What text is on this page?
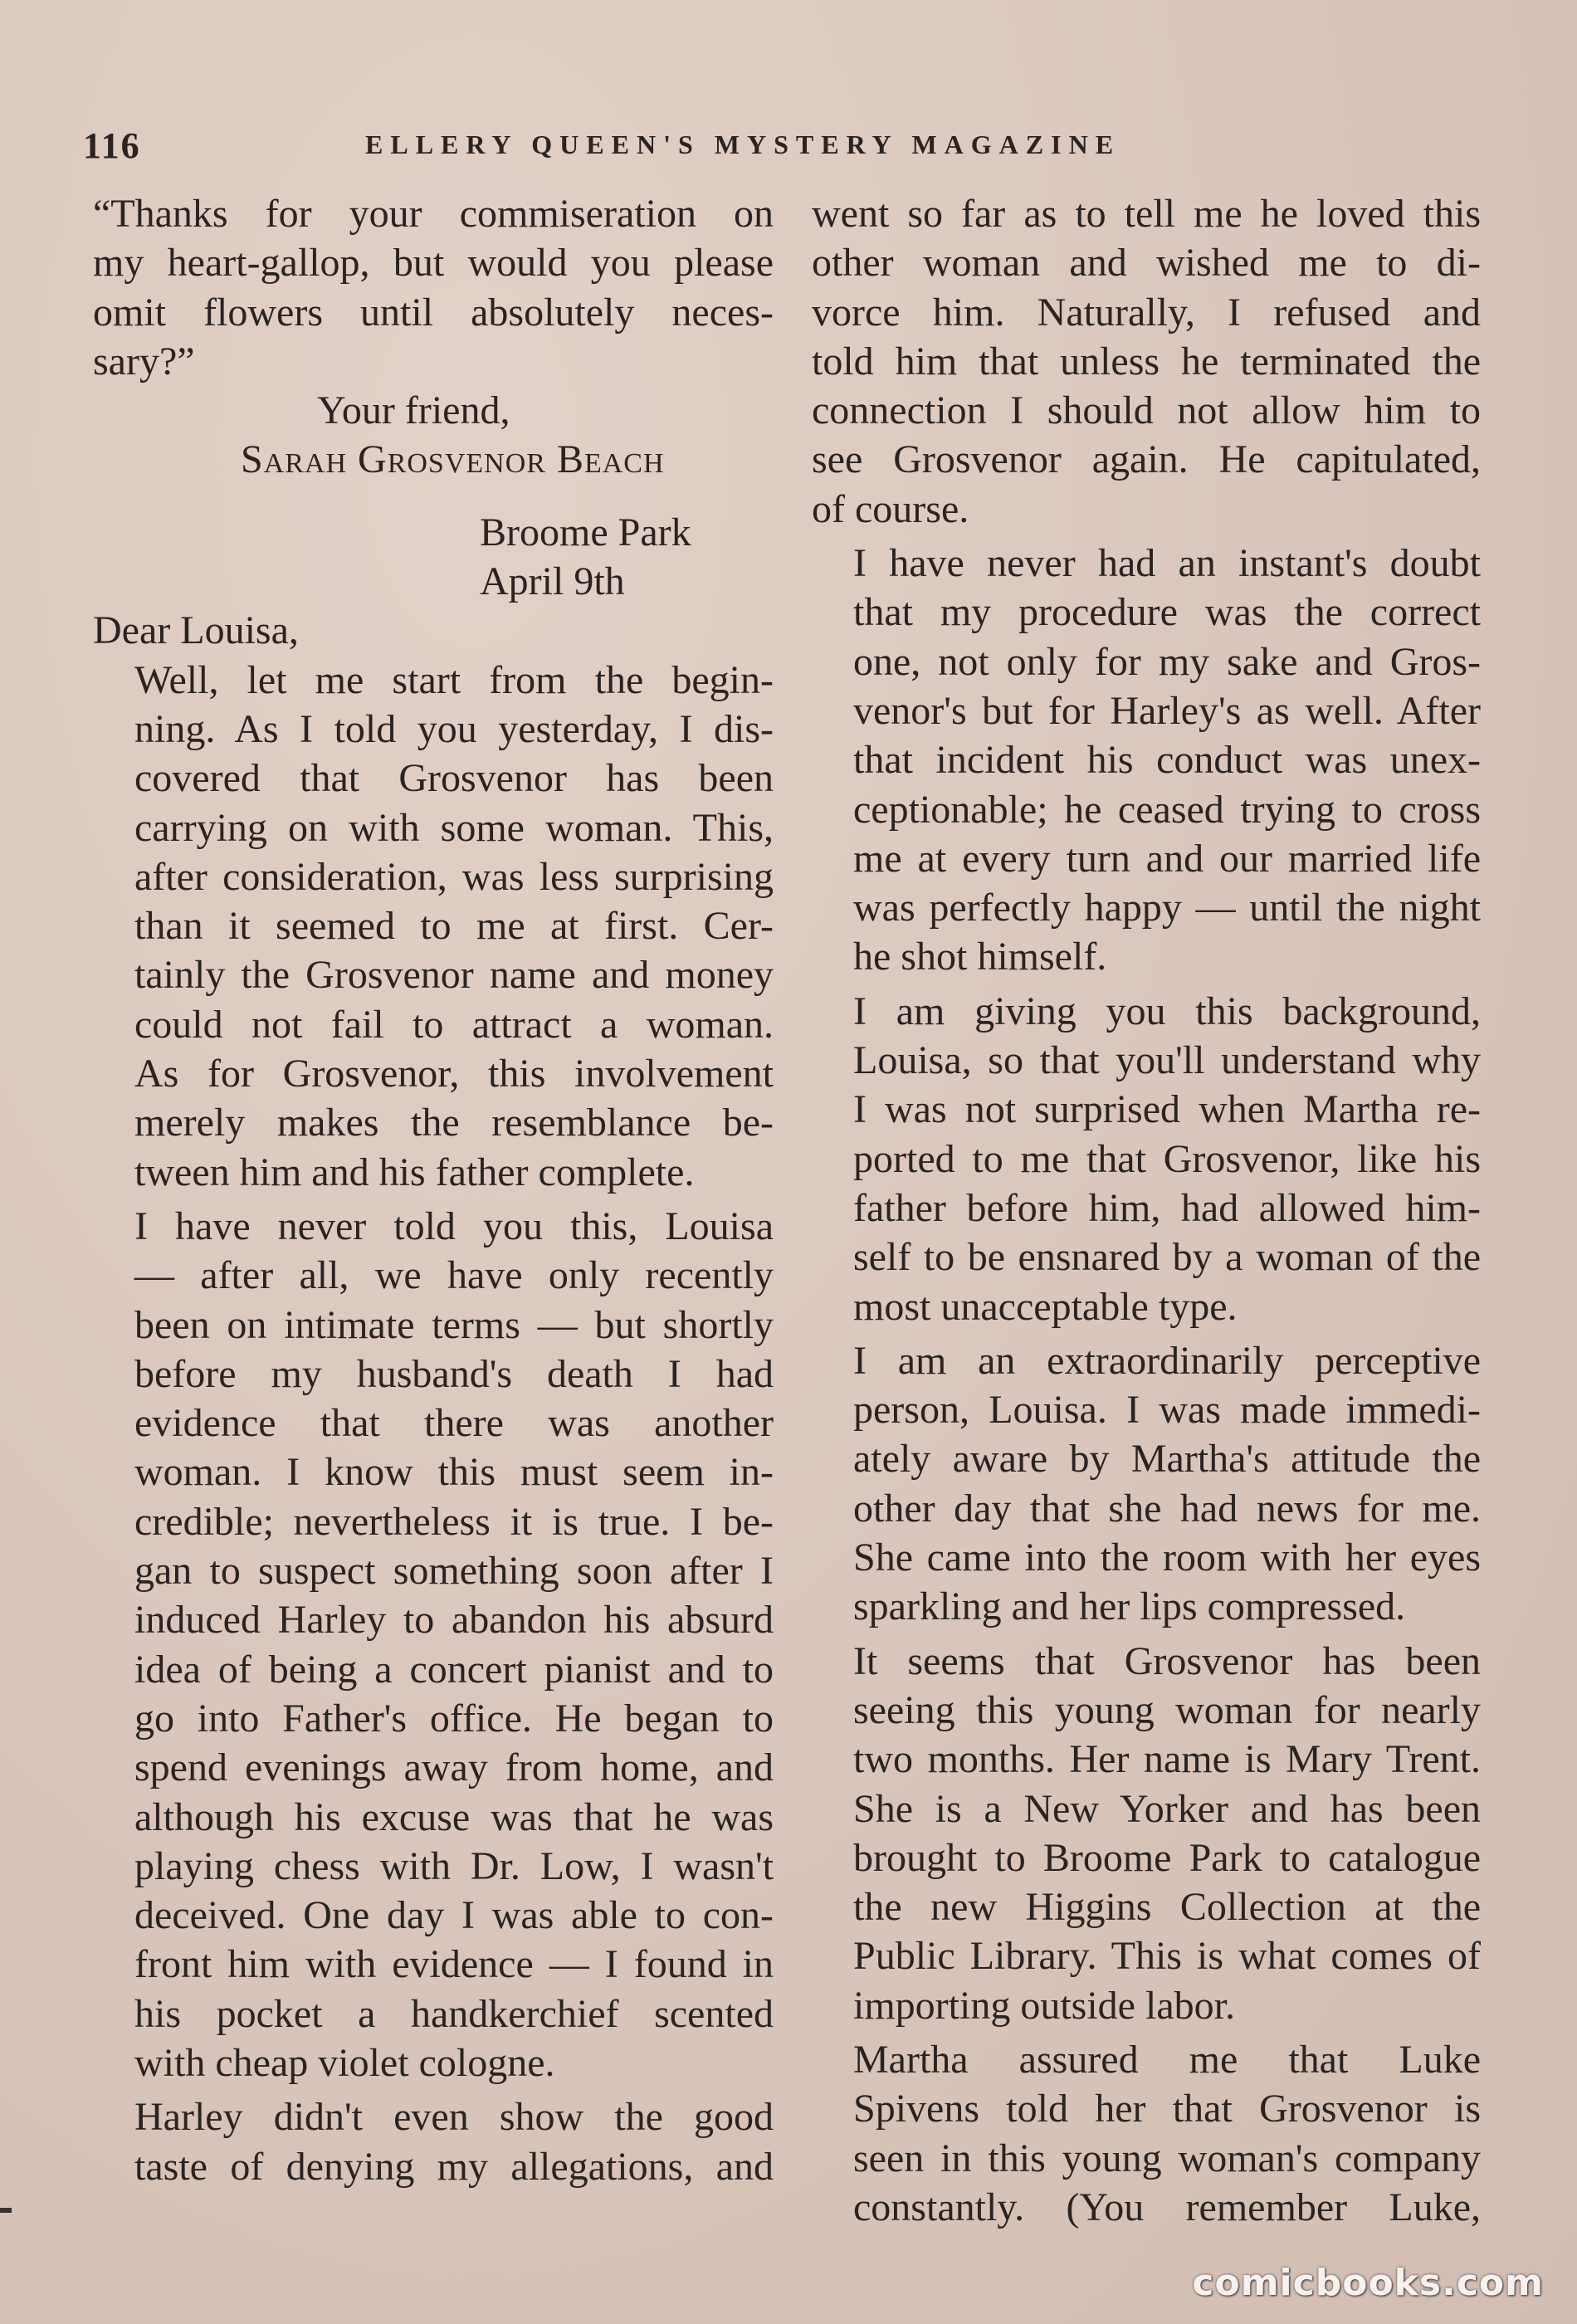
116	ELLERY QUEEN'S MYSTERY MAGAZINE

“Thanks for your commiseration on
my heart-gallop, but would you please
omit flowers until absolutely neces-
sary?”

Your friend,
Sarah Grosvenor Beach
Broome Park
April 9th
Dear Louisa,

Well, let me start from the begin-
ning. As I told you yesterday, I dis-
covered that Grosvenor has been
carrying on with some woman. This,
after consideration, was less surprising
than it seemed to me at first. Cer-
tainly the Grosvenor name and money
could not fail to attract a woman.
As for Grosvenor, this involvement
merely makes the resemblance be-
tween him and his father complete.

I have never told you this, Louisa
— after all, we have only recently
been on intimate terms — but shortly
before my husband's death I had
evidence that there was another
woman. I know this must seem in-
credible; nevertheless it is true. I be-
gan to suspect something soon after I
induced Harley to abandon his absurd
idea of being a concert pianist and to
go into Father's office. He began to
spend evenings away from home, and
although his excuse was that he was
playing chess with Dr. Low, I wasn't
deceived. One day I was able to con-
front him with evidence — I found in
his pocket a handkerchief scented
with cheap violet cologne.

Harley didn't even show the good
taste of denying my allegations, and

went so far as to tell me he loved this
other woman and wished me to di-
vorce him. Naturally, I refused and
told him that unless he terminated the
connection I should not allow him to
see Grosvenor again. He capitulated,
of course.

I have never had an instant's doubt
that my procedure was the correct
one, not only for my sake and Gros-
venor's but for Harley's as well. After
that incident his conduct was unex-
ceptionable; he ceased trying to cross
me at every turn and our married life
was perfectly happy — until the night
he shot himself.

I am giving you this background,
Louisa, so that you'll understand why
I was not surprised when Martha re-
ported to me that Grosvenor, like his
father before him, had allowed him-
self to be ensnared by a woman of the
most unacceptable type.

I am an extraordinarily perceptive
person, Louisa. I was made immedi-
ately aware by Martha's attitude the
other day that she had news for me.
She came into the room with her eyes
sparkling and her lips compressed.

It seems that Grosvenor has been
seeing this young woman for nearly
two months. Her name is Mary Trent.
She is a New Yorker and has been
brought to Broome Park to catalogue
the new Higgins Collection at the
Public Library. This is what comes of
importing outside labor.

Martha assured me that Luke
Spivens told her that Grosvenor is
seen in this young woman's company
constantly. (You remember Luke,

comicbooks.com
